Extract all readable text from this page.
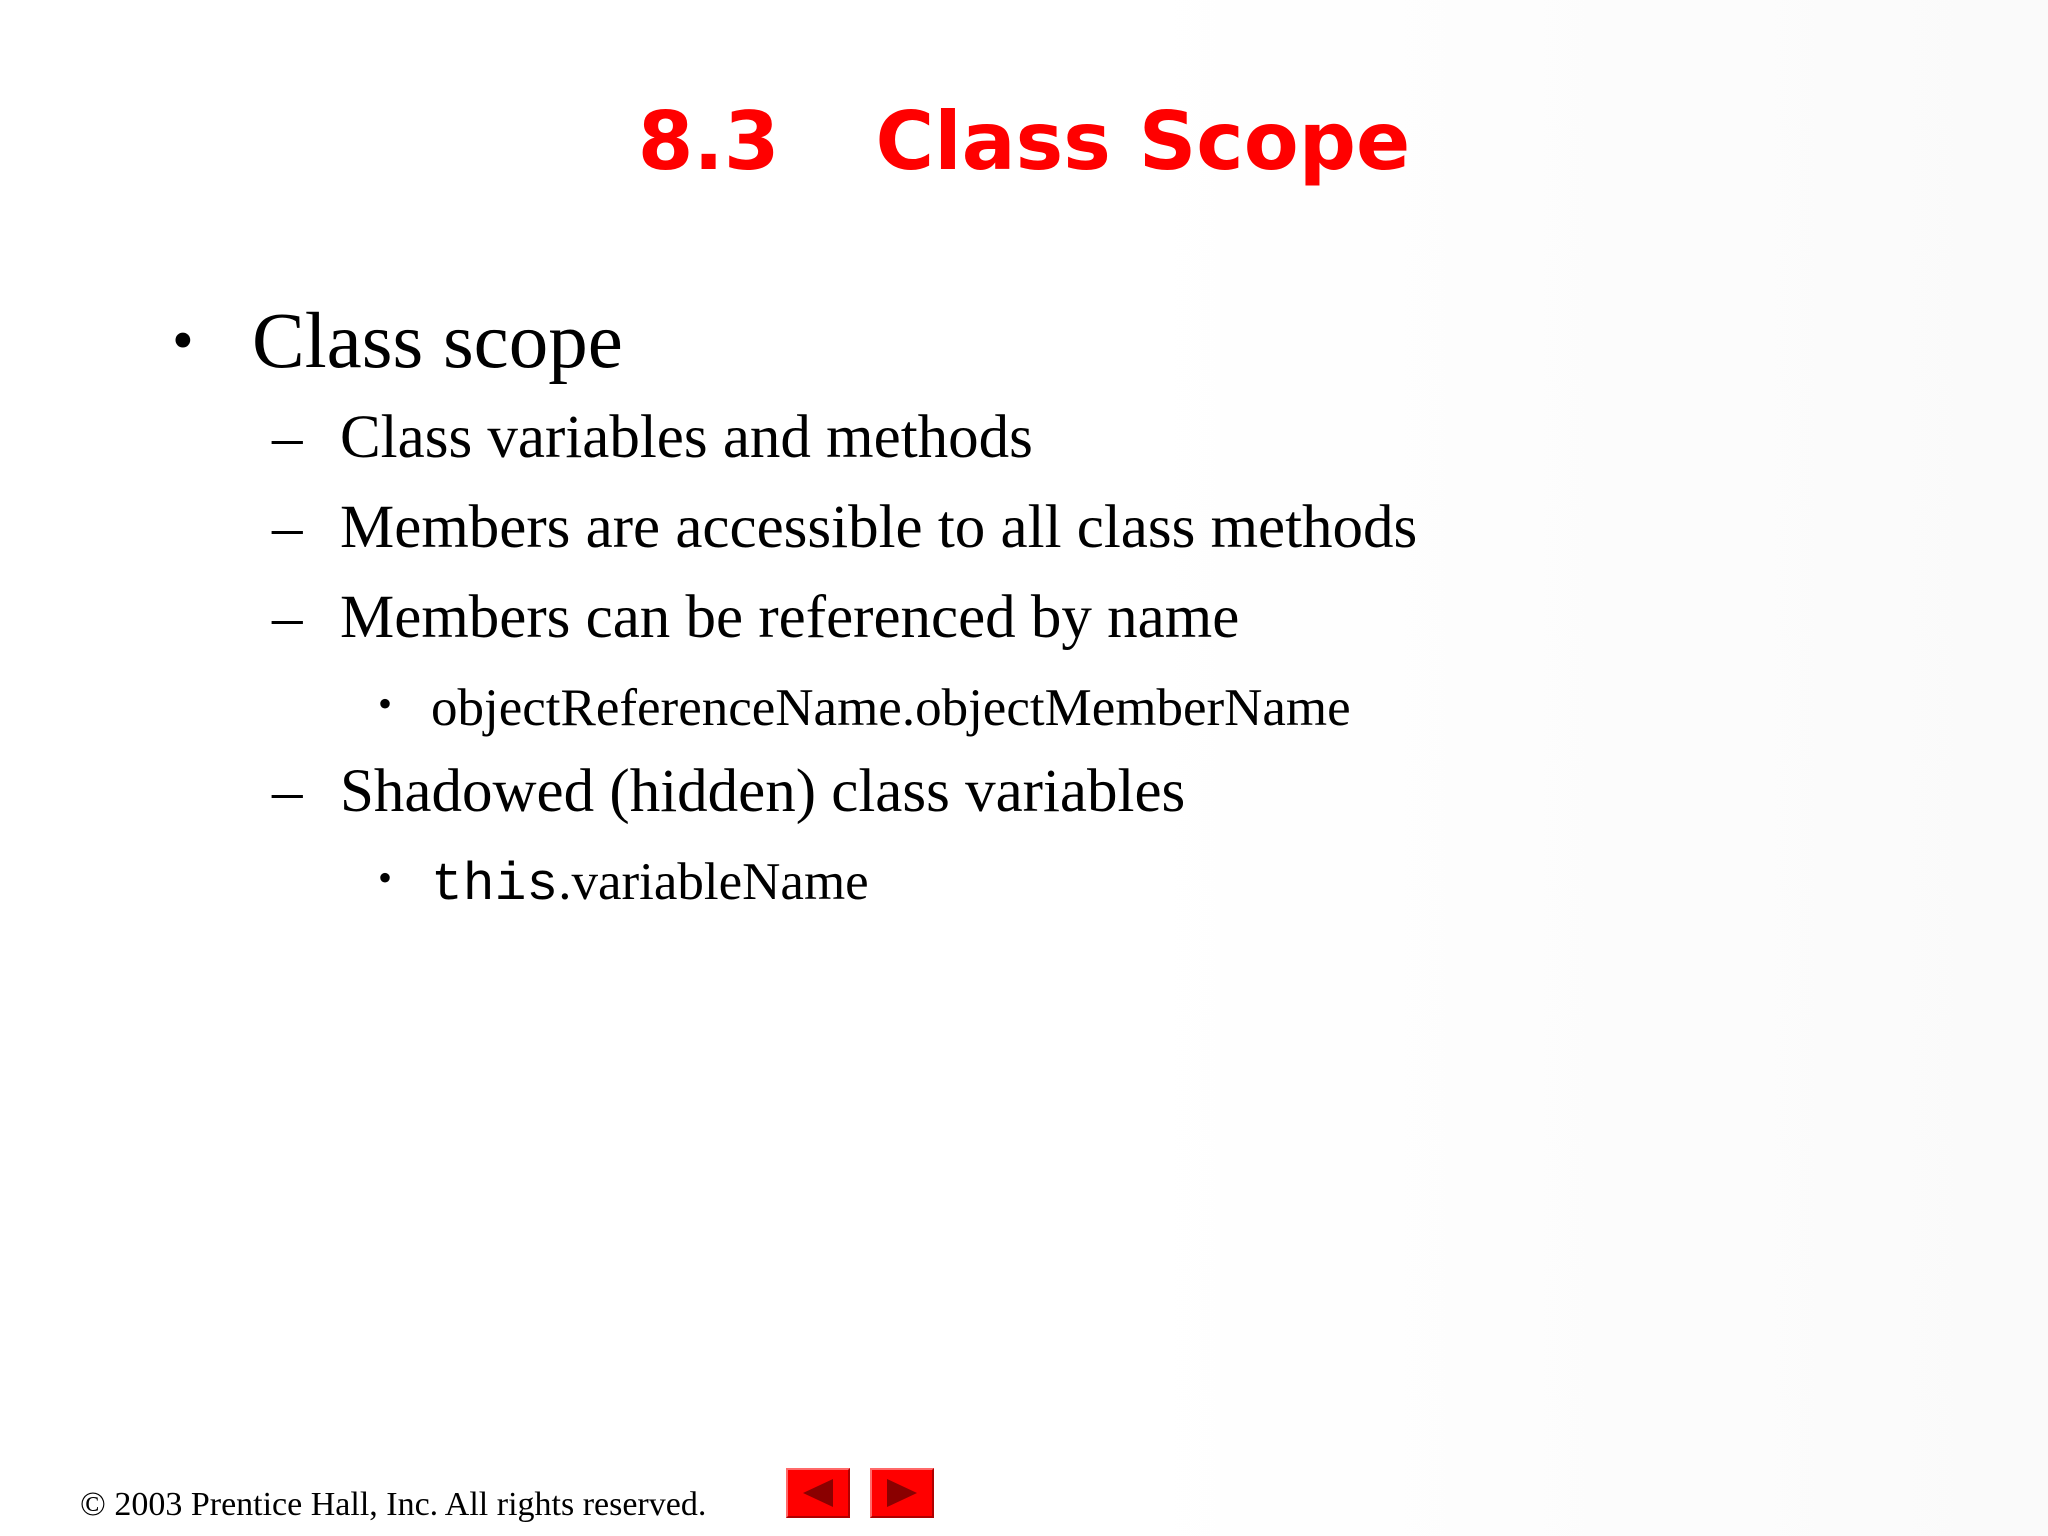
8.3 Class Scope
• Class scope
– Class variables and methods
– Members are accessible to all class methods
– Members can be referenced by name
• objectReferenceName.objectMemberName
– Shadowed (hidden) class variables
• this.variableName
© 2003 Prentice Hall, Inc. All rights reserved.
